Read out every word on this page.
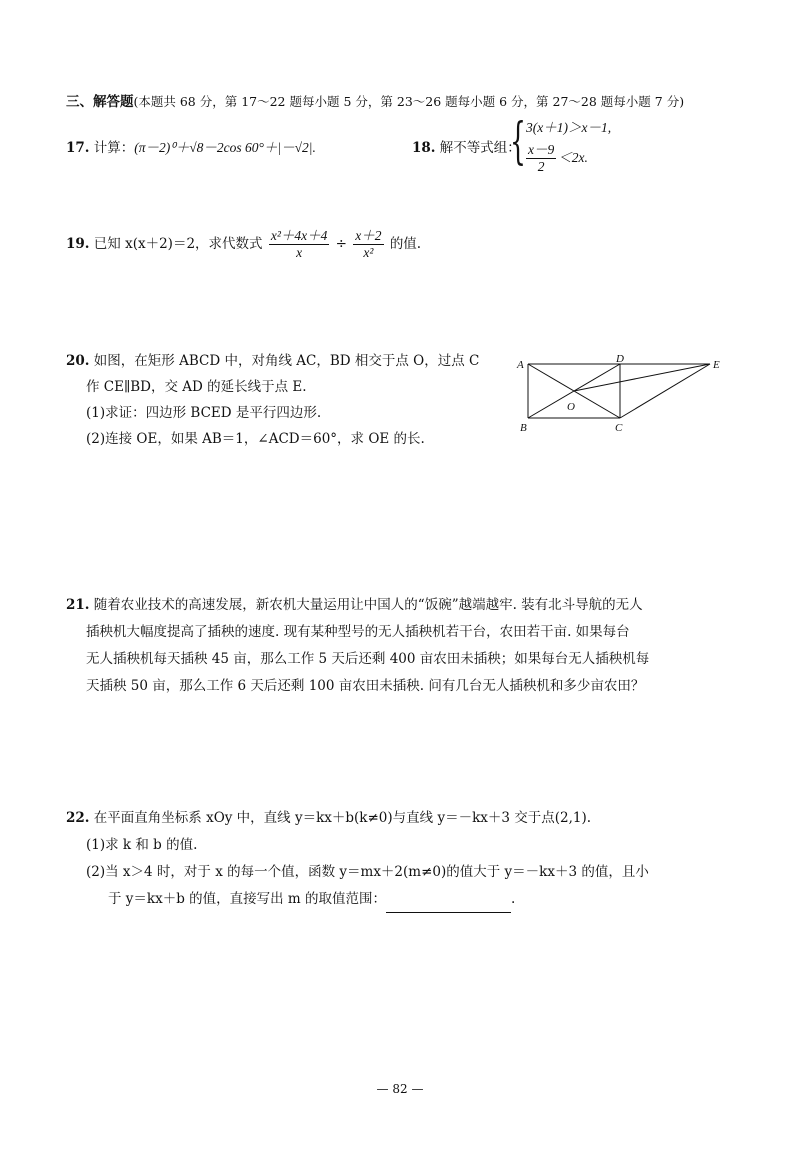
三、解答题(本题共 68 分，第 17～22 题每小题 5 分，第 23～26 题每小题 6 分，第 27～28 题每小题 7 分)
17. 计算：(π－2)⁰＋√8－2cos 60°＋|－√2|.	18. 解不等式组：
{ 3(x＋1)＞x－1,
$\frac{x-9}{2} <2x$.
19. 已知 x(x＋2)＝2，求代数式 $\frac{\text{x²＋4x＋4}}{x} \div \frac{x+2}{\text{x²}}$ 的值.
20. 如图，在矩形 ABCD 中，对角线 AC，BD 相交于点 O，过点 C
作 CE∥BD，交 AD 的延长线于点 E.
(1)求证：四边形 BCED 是平行四边形.
(2)连接 OE，如果 AB＝1，∠ACD＝60°，求 OE 的长.
A
B	C
D	E
O
21. 随着农业技术的高速发展，新农机大量运用让中国人的“饭碗”越端越牢. 装有北斗导航的无人
插秧机大幅度提高了插秧的速度. 现有某种型号的无人插秧机若干台，农田若干亩. 如果每台
无人插秧机每天插秧 45 亩，那么工作 5 天后还剩 400 亩农田未插秧；如果每台无人插秧机每
天插秧 50 亩，那么工作 6 天后还剩 100 亩农田未插秧. 问有几台无人插秧机和多少亩农田？
22. 在平面直角坐标系 xOy 中，直线 y＝kx＋b(k≠0)与直线 y＝－kx＋3 交于点(2,1).
(1)求 k 和 b 的值.
(2)当 x＞4 时，对于 x 的每一个值，函数 y＝mx＋2(m≠0)的值大于 y＝－kx＋3 的值，且小
于 y＝kx＋b 的值，直接写出 m 的取值范围：	.
— 82 —
